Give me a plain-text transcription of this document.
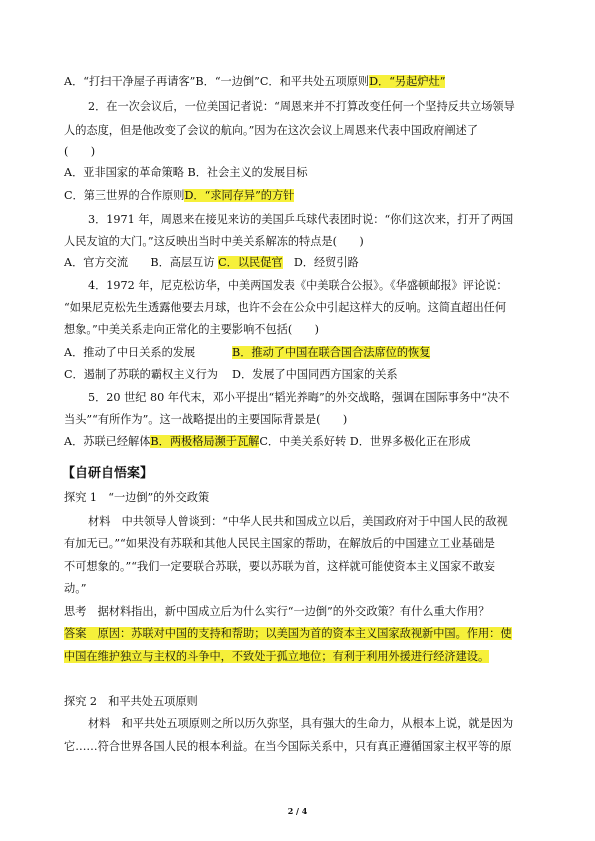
A．“打扫干净屋子再请客”B．“一边倒”C．和平共处五项原则D．“另起炉灶”
2．在一次会议后，一位美国记者说：“周恩来并不打算改变任何一个坚持反共立场领导
人的态度，但是他改变了会议的航向。”因为在这次会议上周恩来代表中国政府阐述了
(　　)
A．亚非国家的革命策略 B．社会主义的发展目标
C．第三世界的合作原则D．“求同存异”的方针
3．1971 年，周恩来在接见来访的美国乒乓球代表团时说：“你们这次来，打开了两国
人民友谊的大门。”这反映出当时中美关系解冻的特点是(　　)
A．官方交流　　B．高层互访 C．以民促官　D．经贸引路
4．1972 年，尼克松访华，中美两国发表《中美联合公报》。《华盛顿邮报》评论说：
“如果尼克松先生透露他要去月球，也许不会在公众中引起这样大的反响。这简直超出任何
想象。”中美关系走向正常化的主要影响不包括(　　)
A．推动了中日关系的发展	B．推动了中国在联合国合法席位的恢复
C．遏制了苏联的霸权主义行为 D．发展了中国同西方国家的关系
5．20 世纪 80 年代末，邓小平提出“韬光养晦”的外交战略，强调在国际事务中“决不
当头”“有所作为”。这一战略提出的主要国际背景是(　　)
A．苏联已经解体B．两极格局濒于瓦解C．中美关系好转 D．世界多极化正在形成
【自研自悟案】
探究 1　“一边倒”的外交政策
材料　中共领导人曾谈到：“中华人民共和国成立以后，美国政府对于中国人民的敌视
有加无已。”“如果没有苏联和其他人民民主国家的帮助，在解放后的中国建立工业基础是
不可想象的。”“我们一定要联合苏联，要以苏联为首，这样就可能使资本主义国家不敢妄
动。”
思考　据材料指出，新中国成立后为什么实行“一边倒”的外交政策？有什么重大作用？
答案　原因：苏联对中国的支持和帮助；以美国为首的资本主义国家敌视新中国。作用：使
中国在维护独立与主权的斗争中，不致处于孤立地位；有利于利用外援进行经济建设。
探究 2　和平共处五项原则
材料　和平共处五项原则之所以历久弥坚，具有强大的生命力，从根本上说，就是因为
它……符合世界各国人民的根本利益。在当今国际关系中，只有真正遵循国家主权平等的原
2 / 4
